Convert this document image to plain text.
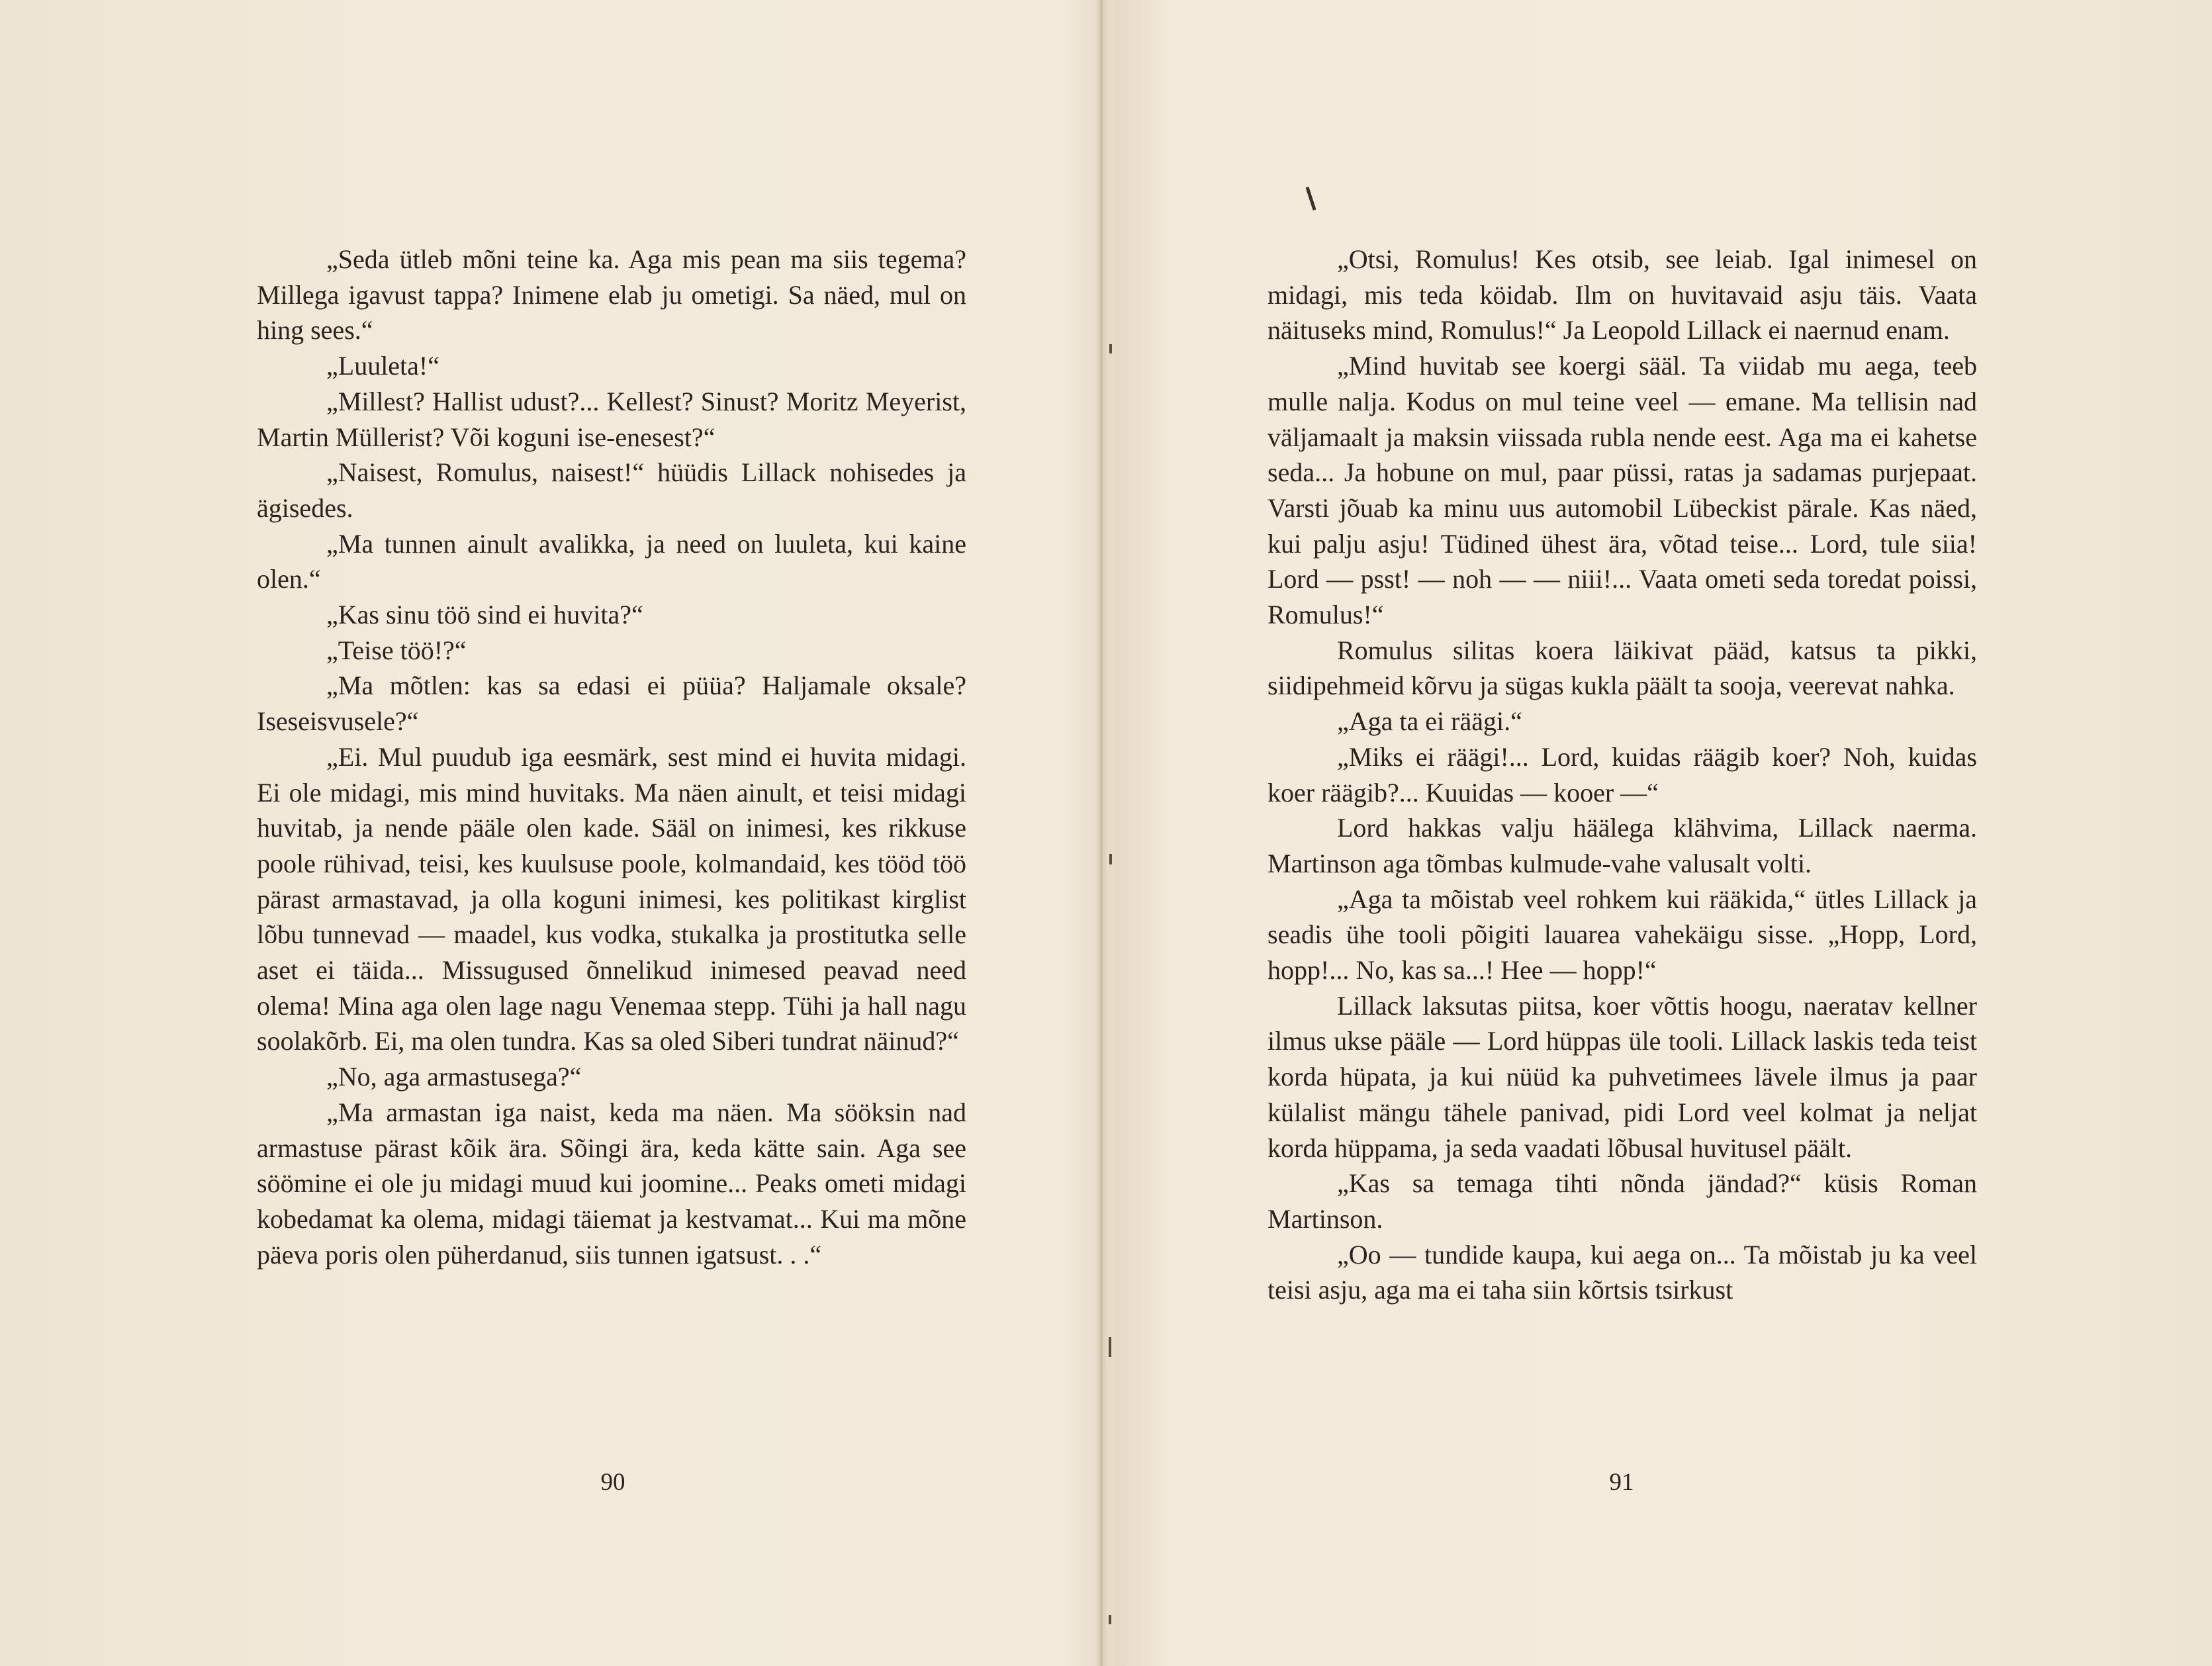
„Seda ütleb mõni teine ka. Aga mis pean ma siis tegema? Millega igavust tappa? Inimene elab ju ometigi. Sa näed, mul on hing sees.“

„Luuleta!“

„Millest? Hallist udust?... Kellest? Sinust? Moritz Meyerist, Martin Müllerist? Või koguni ise-enesest?“

„Naisest, Romulus, naisest!“ hüüdis Lillack nohisedes ja ägisedes.

„Ma tunnen ainult avalikka, ja need on luuleta, kui kaine olen.“

„Kas sinu töö sind ei huvita?“

„Teise töö!?“

„Ma mõtlen: kas sa edasi ei püüa? Haljamale oksale? Iseseisvusele?“

„Ei. Mul puudub iga eesmärk, sest mind ei huvita midagi. Ei ole midagi, mis mind huvitaks. Ma näen ainult, et teisi midagi huvitab, ja nende pääle olen kade. Sääl on inimesi, kes rikkuse poole rühivad, teisi, kes kuulsuse poole, kolmandaid, kes tööd töö pärast armastavad, ja olla koguni inimesi, kes politikast kirglist lõbu tunnevad — maadel, kus vodka, stukalka ja prostitutka selle aset ei täida... Missugused õnnelikud inimesed peavad need olema! Mina aga olen lage nagu Venemaa stepp. Tühi ja hall nagu soolakõrb. Ei, ma olen tundra. Kas sa oled Siberi tundrat näinud?“

„No, aga armastusega?“

„Ma armastan iga naist, keda ma näen. Ma sööksin nad armastuse pärast kõik ära. Sõingi ära, keda kätte sain. Aga see söömine ei ole ju midagi muud kui joomine... Peaks ometi midagi kobedamat ka olema, midagi täiemat ja kestvamat... Kui ma mõne päeva poris olen püherdanud, siis tunnen igatsust. . .“

90

„Otsi, Romulus! Kes otsib, see leiab. Igal inimesel on midagi, mis teda köidab. Ilm on huvitavaid asju täis. Vaata näituseks mind, Romulus!“ Ja Leopold Lillack ei naernud enam.

„Mind huvitab see koergi sääl. Ta viidab mu aega, teeb mulle nalja. Kodus on mul teine veel — emane. Ma tellisin nad väljamaalt ja maksin viissada rubla nende eest. Aga ma ei kahetse seda... Ja hobune on mul, paar püssi, ratas ja sadamas purjepaat. Varsti jõuab ka minu uus automobil Lübeckist pärale. Kas näed, kui palju asju! Tüdined ühest ära, võtad teise... Lord, tule siia! Lord — psst! — noh — — niii!... Vaata ometi seda toredat poissi, Romulus!“

Romulus silitas koera läikivat pääd, katsus ta pikki, siidipehmeid kõrvu ja sügas kukla päält ta sooja, veerevat nahka.

„Aga ta ei räägi.“

„Miks ei räägi!... Lord, kuidas räägib koer? Noh, kuidas koer räägib?... Kuuidas — kooer —“

Lord hakkas valju häälega klähvima, Lillack naerma. Martinson aga tõmbas kulmude-vahe valusalt volti.

„Aga ta mõistab veel rohkem kui rääkida,“ ütles Lillack ja seadis ühe tooli põigiti lauarea vahekäigu sisse. „Hopp, Lord, hopp!... No, kas sa...! Hee — hopp!“

Lillack laksutas piitsa, koer võttis hoogu, naeratav kellner ilmus ukse pääle — Lord hüppas üle tooli. Lillack laskis teda teist korda hüpata, ja kui nüüd ka puhvetimees lävele ilmus ja paar külalist mängu tähele panivad, pidi Lord veel kolmat ja neljat korda hüppama, ja seda vaadati lõbusal huvitusel päält.

„Kas sa temaga tihti nõnda jändad?“ küsis Roman Martinson.

„Oo — tundide kaupa, kui aega on... Ta mõistab ju ka veel teisi asju, aga ma ei taha siin kõrtsis tsirkust

91
